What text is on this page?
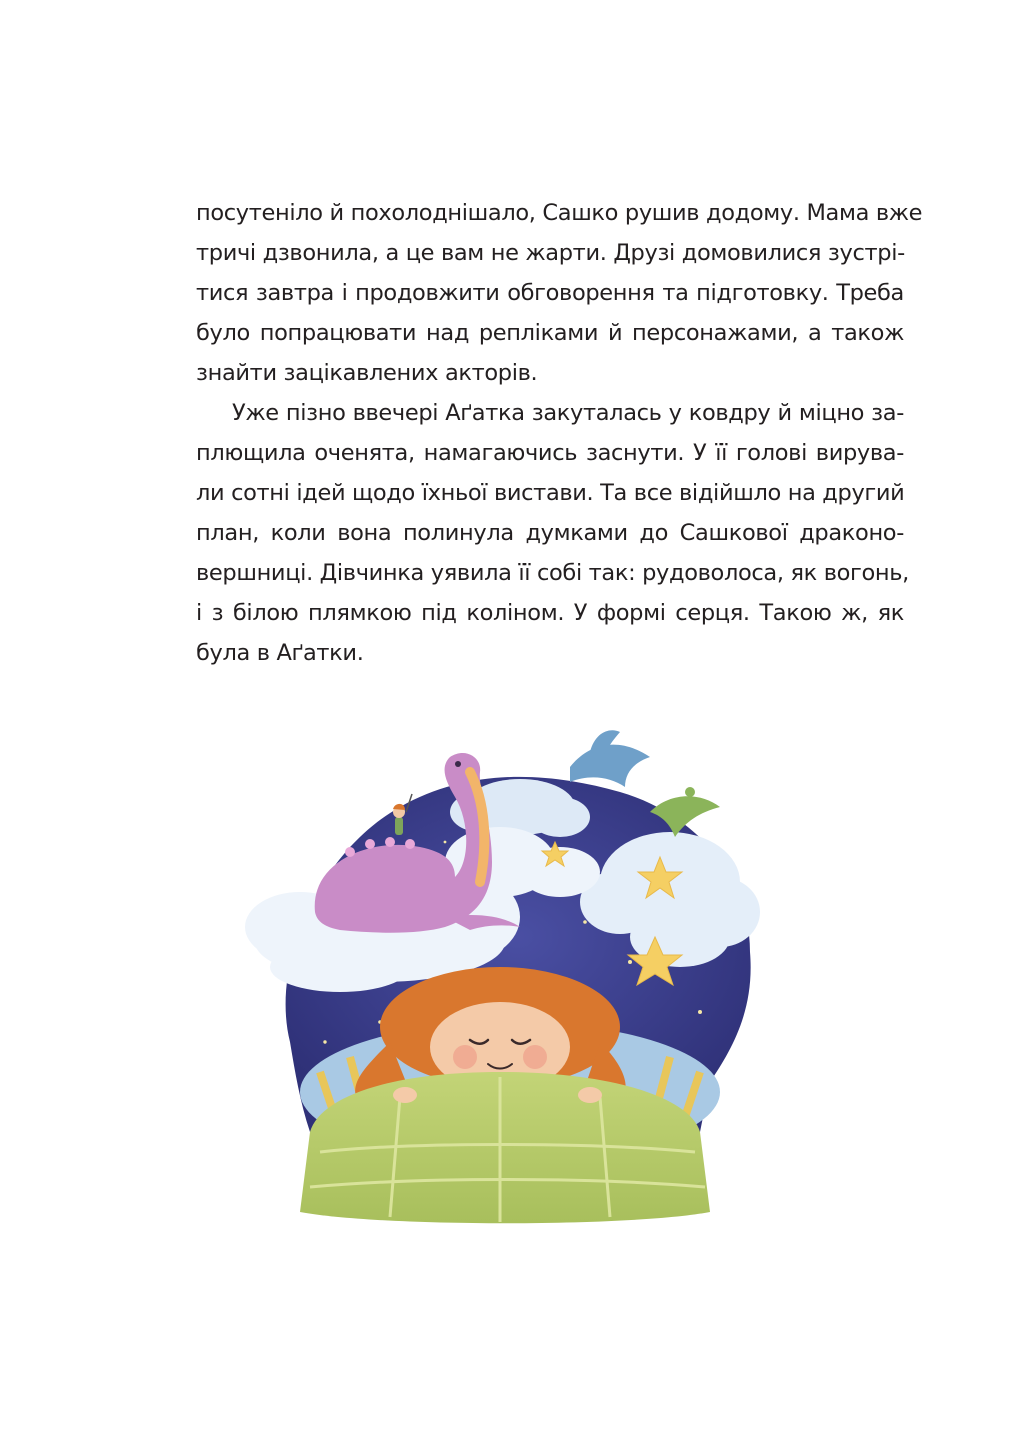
посутеніло й похолоднішало, Сашко рушив додому. Мама вже
тричі дзвонила, а це вам не жарти. Друзі домовилися зустрі-
тися завтра і продовжити обговорення та підготовку. Треба
було попрацювати над репліками й персонажами, а також
знайти зацікавлених акторів.

Уже пізно ввечері Аґатка закуталась у ковдру й міцно за-
плющила оченята, намагаючись заснути. У її голові вирува-
ли сотні ідей щодо їхньої вистави. Та все відійшло на другий
план, коли вона полинула думками до Сашкової драконо-
вершниці. Дівчинка уявила її собі так: рудоволоса, як вогонь,
і з білою плямкою під коліном. У формі серця. Такою ж, як
була в Аґатки.
